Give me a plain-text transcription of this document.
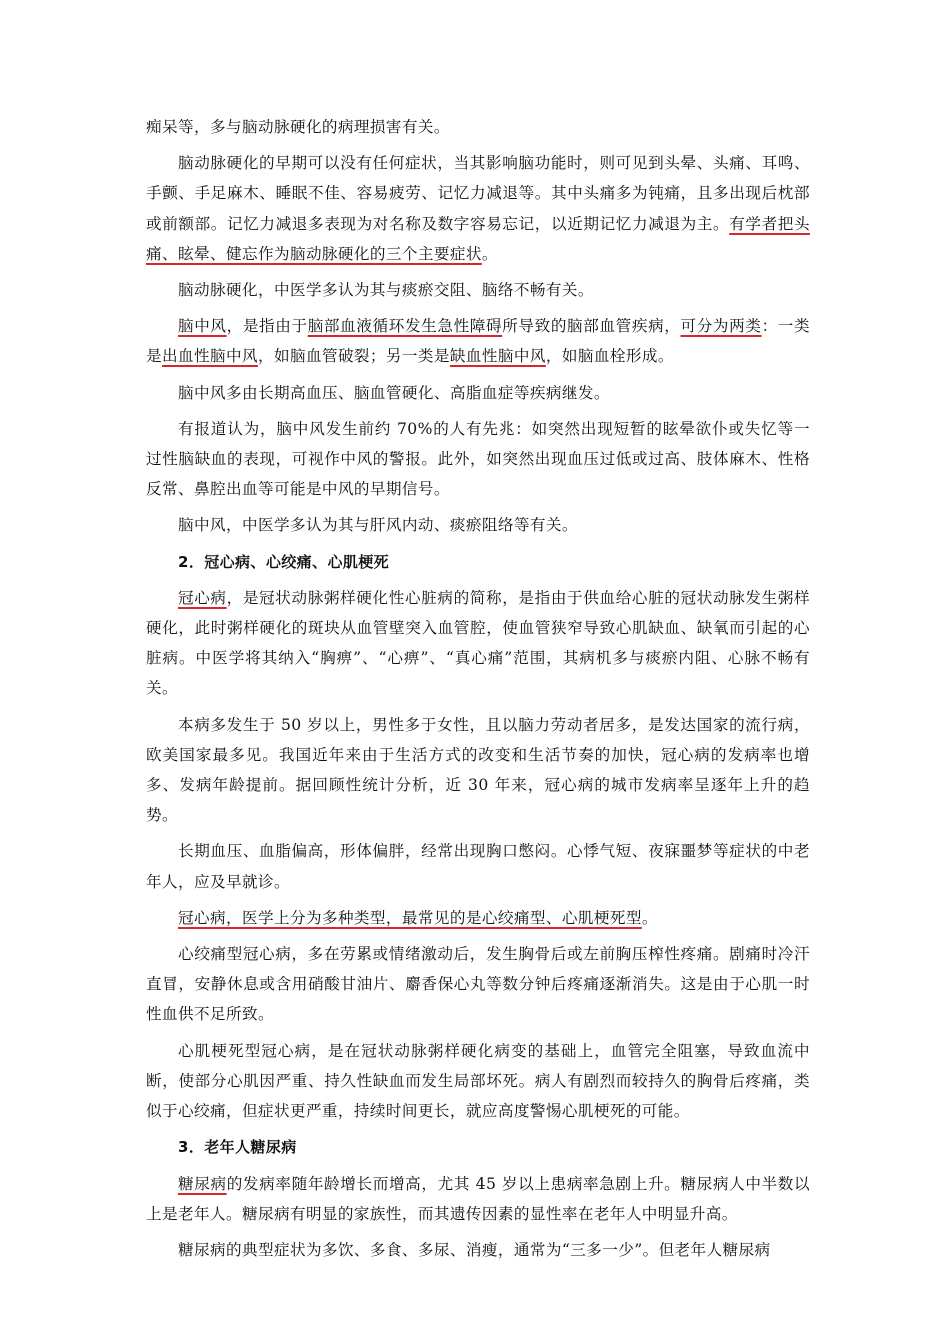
痴呆等，多与脑动脉硬化的病理损害有关。

脑动脉硬化的早期可以没有任何症状，当其影响脑功能时，则可见到头晕、头痛、耳鸣、手颤、手足麻木、睡眠不佳、容易疲劳、记忆力减退等。其中头痛多为钝痛，且多出现后枕部或前额部。记忆力减退多表现为对名称及数字容易忘记，以近期记忆力减退为主。有学者把头痛、眩晕、健忘作为脑动脉硬化的三个主要症状。

脑动脉硬化，中医学多认为其与痰瘀交阻、脑络不畅有关。

脑中风，是指由于脑部血液循环发生急性障碍所导致的脑部血管疾病，可分为两类：一类是出血性脑中风，如脑血管破裂；另一类是缺血性脑中风，如脑血栓形成。

脑中风多由长期高血压、脑血管硬化、高脂血症等疾病继发。

有报道认为，脑中风发生前约 70%的人有先兆：如突然出现短暂的眩晕欲仆或失忆等一过性脑缺血的表现，可视作中风的警报。此外，如突然出现血压过低或过高、肢体麻木、性格反常、鼻腔出血等可能是中风的早期信号。

脑中风，中医学多认为其与肝风内动、痰瘀阻络等有关。

2．冠心病、心绞痛、心肌梗死

冠心病，是冠状动脉粥样硬化性心脏病的简称，是指由于供血给心脏的冠状动脉发生粥样硬化，此时粥样硬化的斑块从血管壁突入血管腔，使血管狭窄导致心肌缺血、缺氧而引起的心脏病。中医学将其纳入“胸痹”、“心痹”、“真心痛”范围，其病机多与痰瘀内阻、心脉不畅有关。

本病多发生于 50 岁以上，男性多于女性，且以脑力劳动者居多，是发达国家的流行病，欧美国家最多见。我国近年来由于生活方式的改变和生活节奏的加快，冠心病的发病率也增多、发病年龄提前。据回顾性统计分析，近 30 年来，冠心病的城市发病率呈逐年上升的趋势。

长期血压、血脂偏高，形体偏胖，经常出现胸口憋闷。心悸气短、夜寐噩梦等症状的中老年人，应及早就诊。

冠心病，医学上分为多种类型，最常见的是心绞痛型、心肌梗死型。

心绞痛型冠心病，多在劳累或情绪激动后，发生胸骨后或左前胸压榨性疼痛。剧痛时冷汗直冒，安静休息或含用硝酸甘油片、麝香保心丸等数分钟后疼痛逐渐消失。这是由于心肌一时性血供不足所致。

心肌梗死型冠心病，是在冠状动脉粥样硬化病变的基础上，血管完全阻塞，导致血流中断，使部分心肌因严重、持久性缺血而发生局部坏死。病人有剧烈而较持久的胸骨后疼痛，类似于心绞痛，但症状更严重，持续时间更长，就应高度警惕心肌梗死的可能。

3．老年人糖尿病

糖尿病的发病率随年龄增长而增高，尤其 45 岁以上患病率急剧上升。糖尿病人中半数以上是老年人。糖尿病有明显的家族性，而其遗传因素的显性率在老年人中明显升高。

糖尿病的典型症状为多饮、多食、多尿、消瘦，通常为“三多一少”。但老年人糖尿病
